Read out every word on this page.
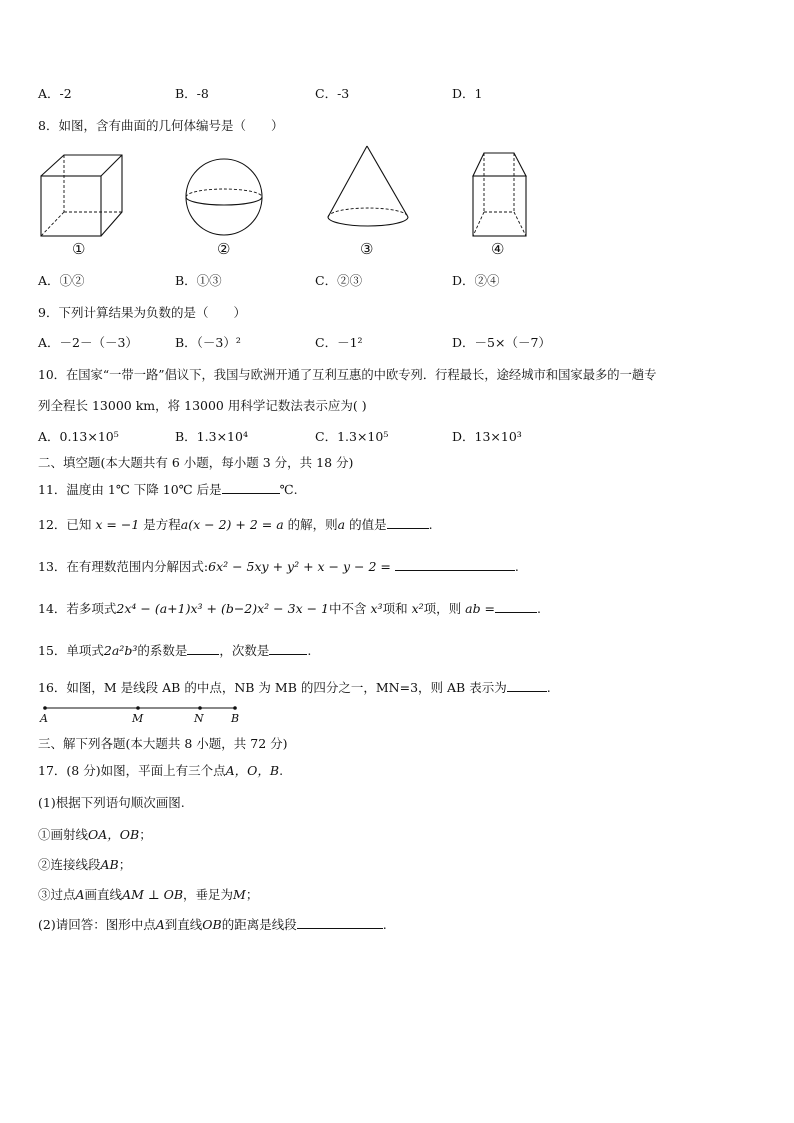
A．-2	B．-8	C．-3	D．1
8．如图，含有曲面的几何体编号是（　　）
①	②	③	④
A．①②	B．①③	C．②③	D．②④
9．下列计算结果为负数的是（　　）
A．－2－（－3）	B．（－3）²	C．－1²	D．－5×（－7）
10．在国家“一带一路”倡议下，我国与欧洲开通了互利互惠的中欧专列．行程最长，途经城市和国家最多的一趟专
列全程长 13000 km，将 13000 用科学记数法表示应为( )
A．0.13×10⁵	B．1.3×10⁴	C．1.3×10⁵	D．13×10³
二、填空题(本大题共有 6 小题，每小题 3 分，共 18 分)
11．温度由 1℃ 下降 10℃ 后是	℃.
12．已知 x = −1 是方程a(x − 2) + 2 = a 的解，则a 的值是	.
13．在有理数范围内分解因式:6x² − 5xy + y² + x − y − 2 =	.
14．若多项式2x⁴ − (a+1)x³ + (b−2)x² − 3x − 1中不含 x³项和 x²项，则 ab =	.
15．单项式2a²b³的系数是	，次数是	.
16．如图，M 是线段 AB 的中点，NB 为 MB 的四分之一，MN=3，则 AB 表示为	.
A	M	N B
三、解下列各题(本大题共 8 小题，共 72 分)
17．(8 分)如图，平面上有三个点A，O，B.
(1)根据下列语句顺次画图.
①画射线OA，OB；
②连接线段AB；
③过点A画直线AM ⊥ OB，垂足为M；
(2)请回答：图形中点A到直线OB的距离是线段	.
